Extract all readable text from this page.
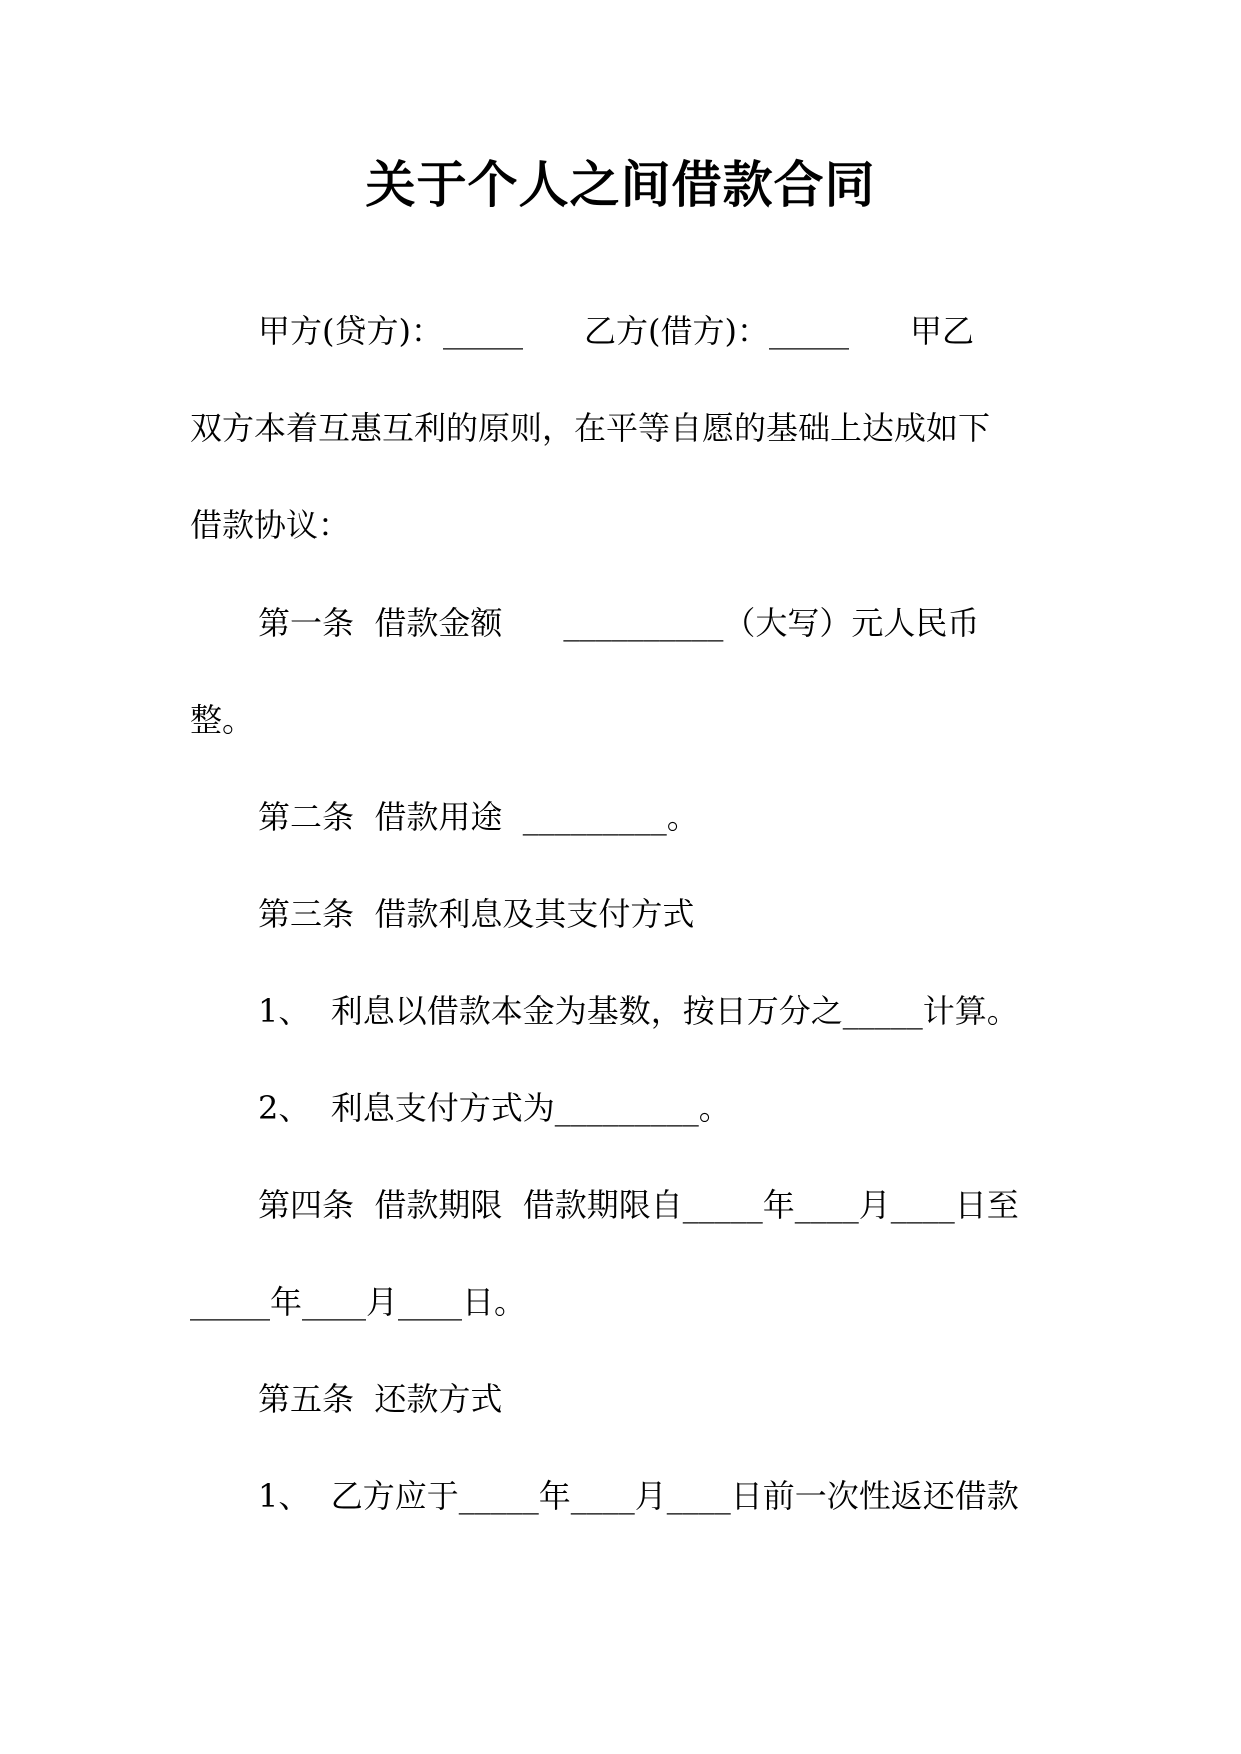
关于个人之间借款合同
甲方(贷方)：_____      乙方(借方)：_____      甲乙
双方本着互惠互利的原则，在平等自愿的基础上达成如下
借款协议：
第一条  借款金额      __________（大写）元人民币
整。
第二条  借款用途  _________。
第三条  借款利息及其支付方式
1、  利息以借款本金为基数，按日万分之_____计算。
2、  利息支付方式为_________。
第四条  借款期限  借款期限自_____年____月____日至
_____年____月____日。
第五条  还款方式
1、  乙方应于_____年____月____日前一次性返还借款
